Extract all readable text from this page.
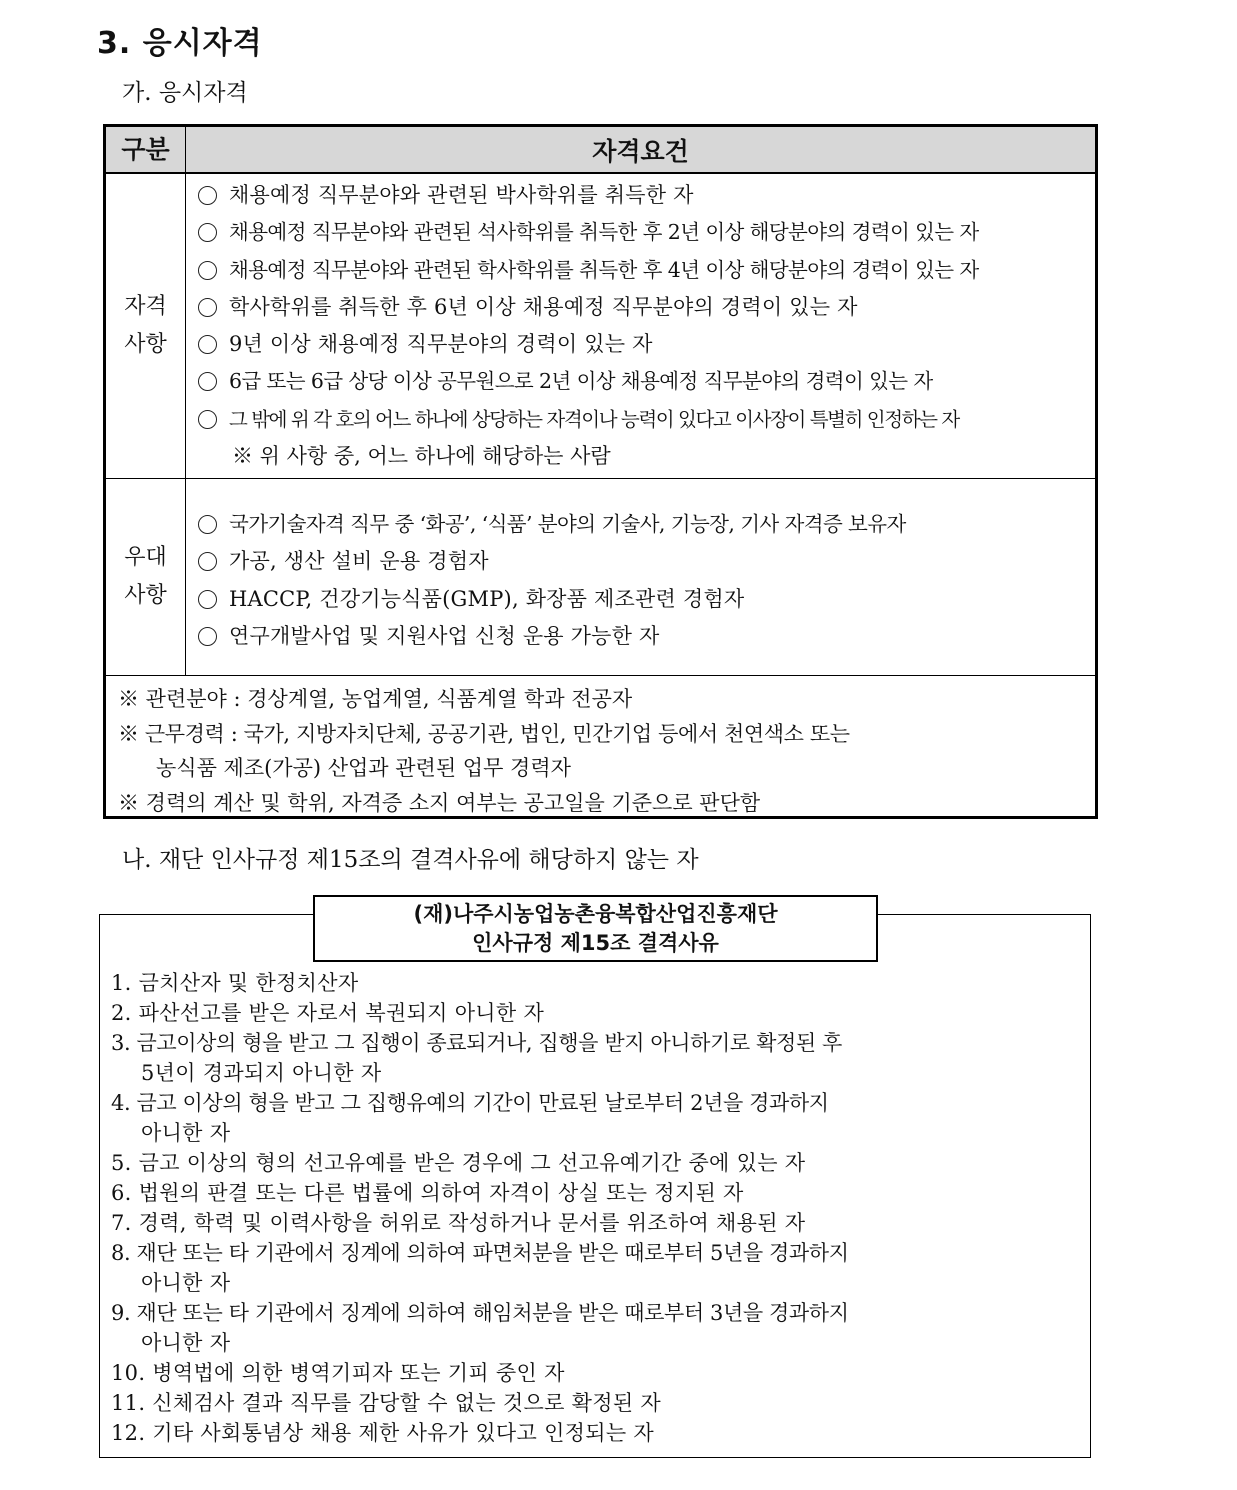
3. 응시자격
가. 응시자격
구분	자격요건
자격
사항
채용예정 직무분야와 관련된 박사학위를 취득한 자
채용예정 직무분야와 관련된 석사학위를 취득한 후 2년 이상 해당분야의 경력이 있는 자
채용예정 직무분야와 관련된 학사학위를 취득한 후 4년 이상 해당분야의 경력이 있는 자
학사학위를 취득한 후 6년 이상 채용예정 직무분야의 경력이 있는 자
9년 이상 채용예정 직무분야의 경력이 있는 자
6급 또는 6급 상당 이상 공무원으로 2년 이상 채용예정 직무분야의 경력이 있는 자
그 밖에 위 각 호의 어느 하나에 상당하는 자격이나 능력이 있다고 이사장이 특별히 인정하는 자
※ 위 사항 중, 어느 하나에 해당하는 사람
우대
사항
국가기술자격 직무 중 ‘화공’, ‘식품’ 분야의 기술사, 기능장, 기사 자격증 보유자
가공, 생산 설비 운용 경험자
HACCP, 건강기능식품(GMP), 화장품 제조관련 경험자
연구개발사업 및 지원사업 신청 운용 가능한 자
※ 관련분야 : 경상계열, 농업계열, 식품계열 학과 전공자
※ 근무경력 : 국가, 지방자치단체, 공공기관, 법인, 민간기업 등에서 천연색소 또는
농식품 제조(가공) 산업과 관련된 업무 경력자
※ 경력의 계산 및 학위, 자격증 소지 여부는 공고일을 기준으로 판단함
나. 재단 인사규정 제15조의 결격사유에 해당하지 않는 자
(재)나주시농업농촌융복합산업진흥재단
인사규정 제15조 결격사유
1. 금치산자 및 한정치산자
2. 파산선고를 받은 자로서 복권되지 아니한 자
3. 금고이상의 형을 받고 그 집행이 종료되거나, 집행을 받지 아니하기로 확정된 후
5년이 경과되지 아니한 자
4. 금고 이상의 형을 받고 그 집행유예의 기간이 만료된 날로부터 2년을 경과하지
아니한 자
5. 금고 이상의 형의 선고유예를 받은 경우에 그 선고유예기간 중에 있는 자
6. 법원의 판결 또는 다른 법률에 의하여 자격이 상실 또는 정지된 자
7. 경력, 학력 및 이력사항을 허위로 작성하거나 문서를 위조하여 채용된 자
8. 재단 또는 타 기관에서 징계에 의하여 파면처분을 받은 때로부터 5년을 경과하지
아니한 자
9. 재단 또는 타 기관에서 징계에 의하여 해임처분을 받은 때로부터 3년을 경과하지
아니한 자
10. 병역법에 의한 병역기피자 또는 기피 중인 자
11. 신체검사 결과 직무를 감당할 수 없는 것으로 확정된 자
12. 기타 사회통념상 채용 제한 사유가 있다고 인정되는 자
